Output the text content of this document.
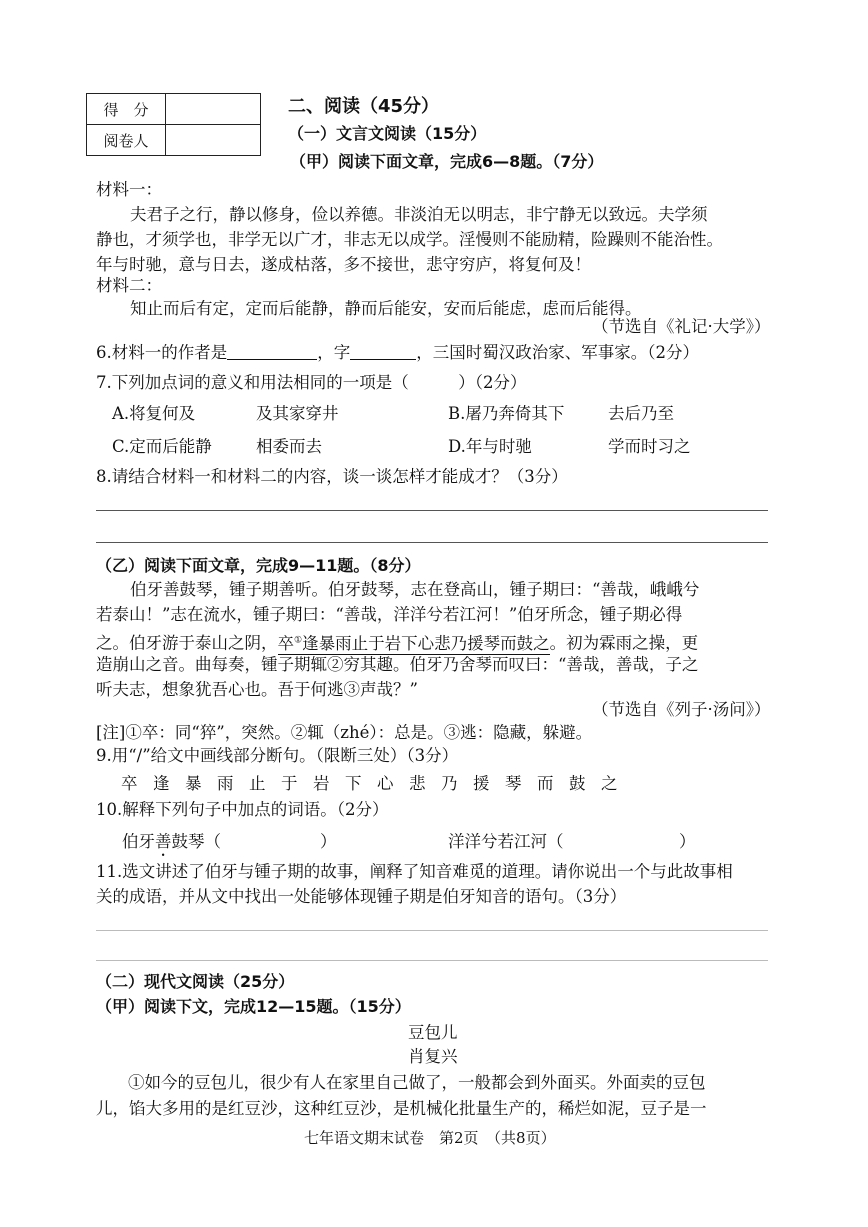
得　分	
阅卷人	
二、阅读（45分）
（一）文言文阅读（15分）
（甲）阅读下面文章，完成6—8题。（7分）
材料一：
夫君子之行，静以修身，俭以养德。非淡泊无以明志，非宁静无以致远。夫学须
静也，才须学也，非学无以广才，非志无以成学。淫慢则不能励精，险躁则不能治性。
年与时驰，意与日去，遂成枯落，多不接世，悲守穷庐，将复何及！
材料二：
知止而后有定，定而后能静，静而后能安，安而后能虑，虑而后能得。
（节选自《礼记·大学》）
6.材料一的作者是	，字	，三国时蜀汉政治家、军事家。（2分）
7.下列加点词的意义和用法相同的一项是（　　　）（2分）
A.将复何及	及其家穿井	B.屠乃奔倚其下	去后乃至
C.定而后能静	相委而去	D.年与时驰	学而时习之
8.请结合材料一和材料二的内容，谈一谈怎样才能成才？（3分）
（乙）阅读下面文章，完成9—11题。（8分）
伯牙善鼓琴，锺子期善听。伯牙鼓琴，志在登高山，锺子期曰：“善哉，峨峨兮
若泰山！”志在流水，锺子期曰：“善哉，洋洋兮若江河！”伯牙所念，锺子期必得
之。伯牙游于泰山之阴，卒①逢暴雨止于岩下心悲乃援琴而鼓之。初为霖雨之操，更
造崩山之音。曲每奏，锺子期辄②穷其趣。伯牙乃舍琴而叹曰：“善哉，善哉，子之
听夫志，想象犹吾心也。吾于何逃③声哉？”
（节选自《列子·汤问》）
[注]①卒：同“猝”，突然。②辄（zhé）：总是。③逃：隐藏，躲避。
9.用“/”给文中画线部分断句。（限断三处）（3分）
卒逢暴雨止于岩下心悲乃援琴而鼓之
10.解释下列句子中加点的词语。（2分）
伯牙善鼓琴（　　　　　　）	洋洋兮若江河（　　　　　　　）
11.选文讲述了伯牙与锺子期的故事，阐释了知音难觅的道理。请你说出一个与此故事相
关的成语，并从文中找出一处能够体现锺子期是伯牙知音的语句。（3分）
（二）现代文阅读（25分）
（甲）阅读下文，完成12—15题。（15分）
豆包儿
肖复兴
①如今的豆包儿，很少有人在家里自己做了，一般都会到外面买。外面卖的豆包
儿，馅大多用的是红豆沙，这种红豆沙，是机械化批量生产的，稀烂如泥，豆子是一
七年语文期末试卷　第2页　（共8页）
